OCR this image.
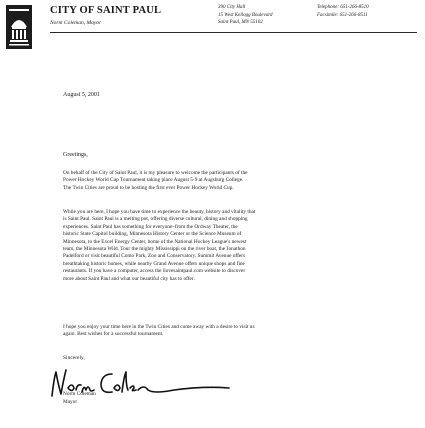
CITY OF SAINT PAUL
Norm Coleman, Mayor
390 City Hall
15 West Kellogg Boulevard
Saint Paul, MN 55102
Telephone: 651-266-8510
Facsimile: 651-266-8511
August 5, 2001
Greetings,
On behalf of the City of Saint Paul, it is my pleasure to welcome the participants of the
Power Hockey World Cup Tournament taking place August 5-9 at Augsburg College.
The Twin Cities are proud to be hosting the first ever Power Hockey World Cup.
While you are here, I hope you have time to experience the beauty, history and vitality that
is Saint Paul. Saint Paul is a melting pot, offering diverse cultural, dining and shopping
experiences. Saint Paul has something for everyone–from the Ordway Theater, the
historic State Capitol building, Minnesota History Center or the Science Museum of
Minnesota, to the Excel Energy Center, home of the National Hockey League's newest
team, the Minnesota Wild. Tour the mighty Mississippi on the river boat, the Jonathon
Padelford or visit beautiful Como Park, Zoo and Conservatory. Summit Avenue offers
breathtaking historic homes, while nearby Grand Avenue offers unique shops and fine
restaurants. If you have a computer, access the ilovesaintpaul.com website to discover
more about Saint Paul and what our beautiful city has to offer.
I hope you enjoy your time here in the Twin Cities and come away with a desire to visit us
again. Best wishes for a successful tournament.
Sincerely,
Norm Coleman
Mayor
